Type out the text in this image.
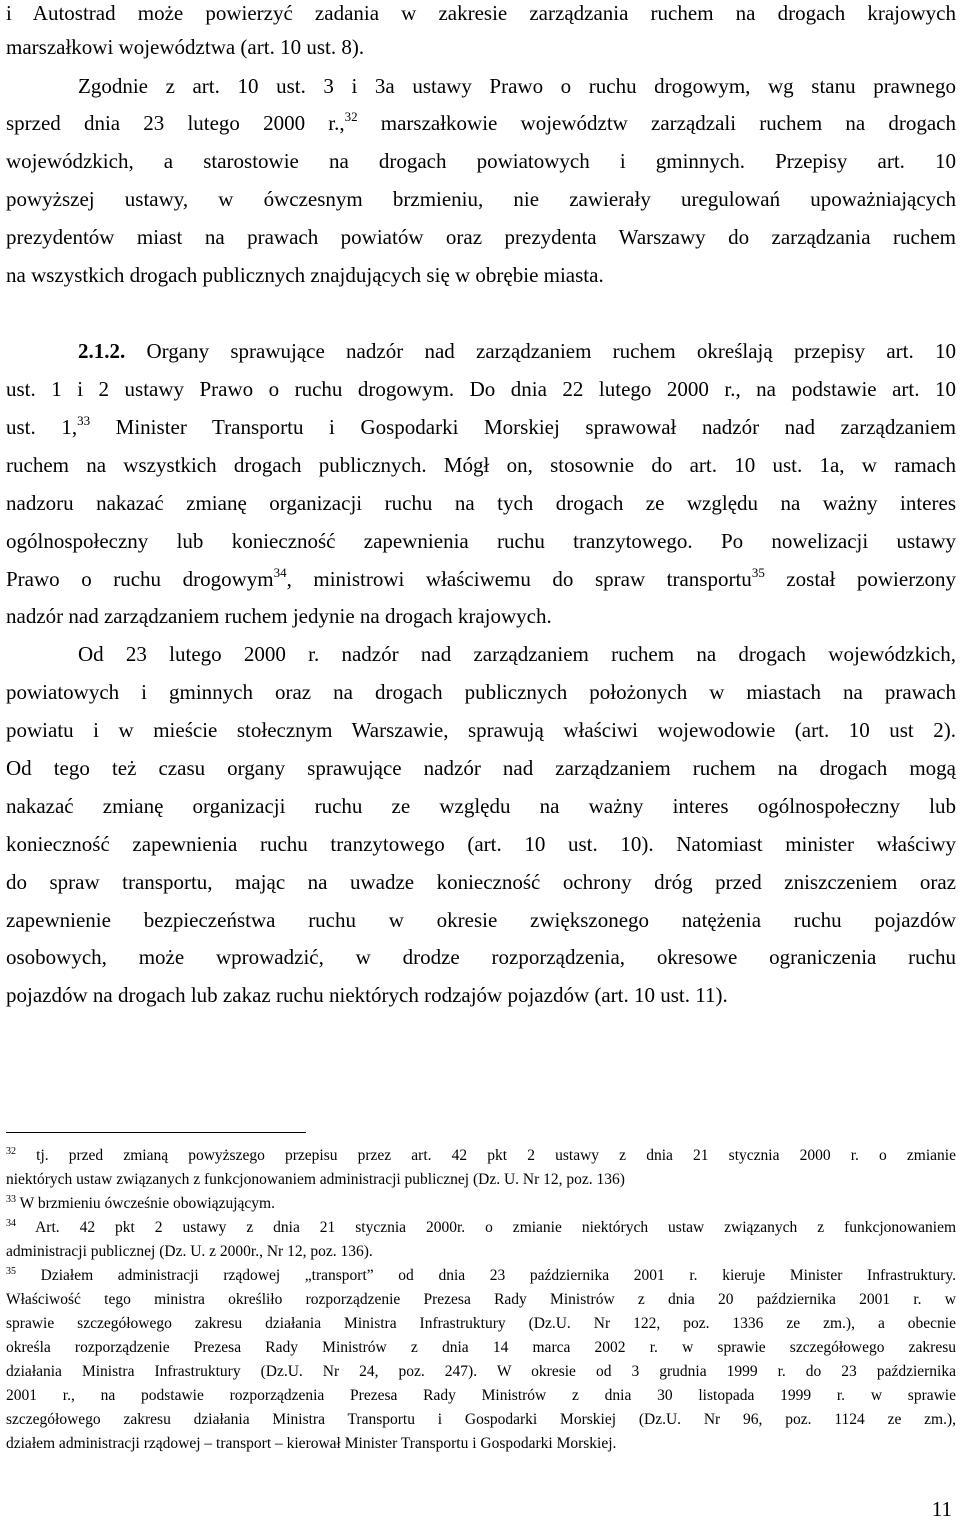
i Autostrad może powierzyć zadania w zakresie zarządzania ruchem na drogach krajowych
marszałkowi województwa (art. 10 ust. 8).
Zgodnie z art. 10 ust. 3 i 3a ustawy Prawo o ruchu drogowym, wg stanu prawnego
sprzed dnia 23 lutego 2000 r.,$^{32}$ marszałkowie województw zarządzali ruchem na drogach
wojewódzkich, a starostowie na drogach powiatowych i gminnych. Przepisy art. 10
powyższej ustawy, w ówczesnym brzmieniu, nie zawierały uregulowań upoważniających
prezydentów miast na prawach powiatów oraz prezydenta Warszawy do zarządzania ruchem
na wszystkich drogach publicznych znajdujących się w obrębie miasta.
2.1.2. Organy sprawujące nadzór nad zarządzaniem ruchem określają przepisy art. 10
ust. 1 i 2 ustawy Prawo o ruchu drogowym. Do dnia 22 lutego 2000 r., na podstawie art. 10
ust. 1,33 Minister Transportu i Gospodarki Morskiej sprawował nadzór nad zarządzaniem
ruchem na wszystkich drogach publicznych. Mógł on, stosownie do art. 10 ust. 1a, w ramach
nadzoru nakazać zmianę organizacji ruchu na tych drogach ze względu na ważny interes
ogólnospołeczny lub konieczność zapewnienia ruchu tranzytowego. Po nowelizacji ustawy
Prawo o ruchu drogowym$^{34}$, ministrowi właściwemu do spraw transportu$^{35}$ został powierzony
nadzór nad zarządzaniem ruchem jedynie na drogach krajowych.
Od 23 lutego 2000 r. nadzór nad zarządzaniem ruchem na drogach wojewódzkich,
powiatowych i gminnych oraz na drogach publicznych położonych w miastach na prawach
powiatu i w mieście stołecznym Warszawie, sprawują właściwi wojewodowie (art. 10 ust 2).
Od tego też czasu organy sprawujące nadzór nad zarządzaniem ruchem na drogach mogą
nakazać zmianę organizacji ruchu ze względu na ważny interes ogólnospołeczny lub
konieczność zapewnienia ruchu tranzytowego (art. 10 ust. 10). Natomiast minister właściwy
do spraw transportu, mając na uwadze konieczność ochrony dróg przed zniszczeniem oraz
zapewnienie bezpieczeństwa ruchu w okresie zwiększonego natężenia ruchu pojazdów
osobowych, może wprowadzić, w drodze rozporządzenia, okresowe ograniczenia ruchu
pojazdów na drogach lub zakaz ruchu niektórych rodzajów pojazdów (art. 10 ust. 11).
$^{32}$ tj. przed zmianą powyższego przepisu przez art. 42 pkt 2 ustawy z dnia 21 stycznia 2000 r. o zmianie
niektórych ustaw związanych z funkcjonowaniem administracji publicznej (Dz. U. Nr 12, poz. 136)
$^{33}$ W brzmieniu ówcześnie obowiązującym.
$^{34}$ Art. 42 pkt 2 ustawy z dnia 21 stycznia 2000r. o zmianie niektórych ustaw związanych z funkcjonowaniem
administracji publicznej (Dz. U. z 2000r., Nr 12, poz. 136).
$^{35}$ Działem administracji rządowej „transport” od dnia 23 października 2001 r. kieruje Minister Infrastruktury.
Właściwość tego ministra określiło rozporządzenie Prezesa Rady Ministrów z dnia 20 października 2001 r. w
sprawie szczegółowego zakresu działania Ministra Infrastruktury (Dz.U. Nr 122, poz. 1336 ze zm.), a obecnie
określa rozporządzenie Prezesa Rady Ministrów z dnia 14 marca 2002 r. w sprawie szczegółowego zakresu
działania Ministra Infrastruktury (Dz.U. Nr 24, poz. 247). W okresie od 3 grudnia 1999 r. do 23 października
2001 r., na podstawie rozporządzenia Prezesa Rady Ministrów z dnia 30 listopada 1999 r. w sprawie
szczegółowego zakresu działania Ministra Transportu i Gospodarki Morskiej (Dz.U. Nr 96, poz. 1124 ze zm.),
działem administracji rządowej – transport – kierował Minister Transportu i Gospodarki Morskiej.
11
